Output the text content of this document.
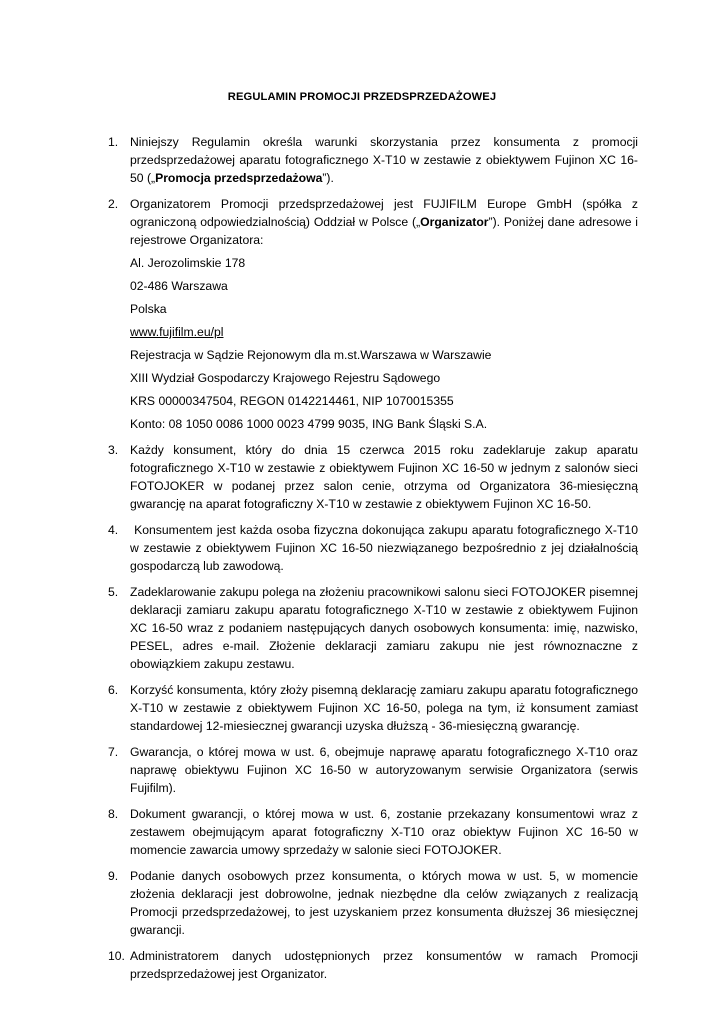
REGULAMIN PROMOCJI PRZEDSPRZEDAŻOWEJ
1. Niniejszy Regulamin określa warunki skorzystania przez konsumenta z promocji przedsprzedażowej aparatu fotograficznego X-T10 w zestawie z obiektywem Fujinon XC 16-50 („Promocja przedsprzedażowa”).
2. Organizatorem Promocji przedsprzedażowej jest FUJIFILM Europe GmbH (spółka z ograniczoną odpowiedzialnością) Oddział w Polsce („Organizator”). Poniżej dane adresowe i rejestrowe Organizatora:
Al. Jerozolimskie 178
02-486 Warszawa
Polska
www.fujifilm.eu/pl
Rejestracja w Sądzie Rejonowym dla m.st.Warszawa w Warszawie
XIII Wydział Gospodarczy Krajowego Rejestru Sądowego
KRS 00000347504, REGON 0142214461, NIP 1070015355
Konto: 08 1050 0086 1000 0023 4799 9035, ING Bank Śląski S.A.
3. Każdy konsument, który do dnia 15 czerwca 2015 roku zadeklaruje zakup aparatu fotograficznego X-T10 w zestawie z obiektywem Fujinon XC 16-50 w jednym z salonów sieci FOTOJOKER w podanej przez salon cenie, otrzyma od Organizatora 36-miesięczną gwarancję na aparat fotograficzny X-T10 w zestawie z obiektywem Fujinon XC 16-50.
4. Konsumentem jest każda osoba fizyczna dokonująca zakupu aparatu fotograficznego X-T10 w zestawie z obiektywem Fujinon XC 16-50 niezwiązanego bezpośrednio z jej działalnością gospodarczą lub zawodową.
5. Zadeklarowanie zakupu polega na złożeniu pracownikowi salonu sieci FOTOJOKER pisemnej deklaracji zamiaru zakupu aparatu fotograficznego X-T10 w zestawie z obiektywem Fujinon XC 16-50 wraz z podaniem następujących danych osobowych konsumenta: imię, nazwisko, PESEL, adres e-mail. Złożenie deklaracji zamiaru zakupu nie jest równoznaczne z obowiązkiem zakupu zestawu.
6. Korzyść konsumenta, który złoży pisemną deklarację zamiaru zakupu aparatu fotograficznego X-T10 w zestawie z obiektywem Fujinon XC 16-50, polega na tym, iż konsument zamiast standardowej 12-miesiecznej gwarancji uzyska dłuższą - 36-miesięczną gwarancję.
7. Gwarancja, o której mowa w ust. 6, obejmuje naprawę aparatu fotograficznego X-T10 oraz naprawę obiektywu Fujinon XC 16-50 w autoryzowanym serwisie Organizatora (serwis Fujifilm).
8. Dokument gwarancji, o której mowa w ust. 6, zostanie przekazany konsumentowi wraz z zestawem obejmującym aparat fotograficzny X-T10 oraz obiektyw Fujinon XC 16-50 w momencie zawarcia umowy sprzedaży w salonie sieci FOTOJOKER.
9. Podanie danych osobowych przez konsumenta, o których mowa w ust. 5, w momencie złożenia deklaracji jest dobrowolne, jednak niezbędne dla celów związanych z realizacją Promocji przedsprzedażowej, to jest uzyskaniem przez konsumenta dłuższej 36 miesięcznej gwarancji.
10. Administratorem danych udostępnionych przez konsumentów w ramach Promocji przedsprzedażowej jest Organizator.
